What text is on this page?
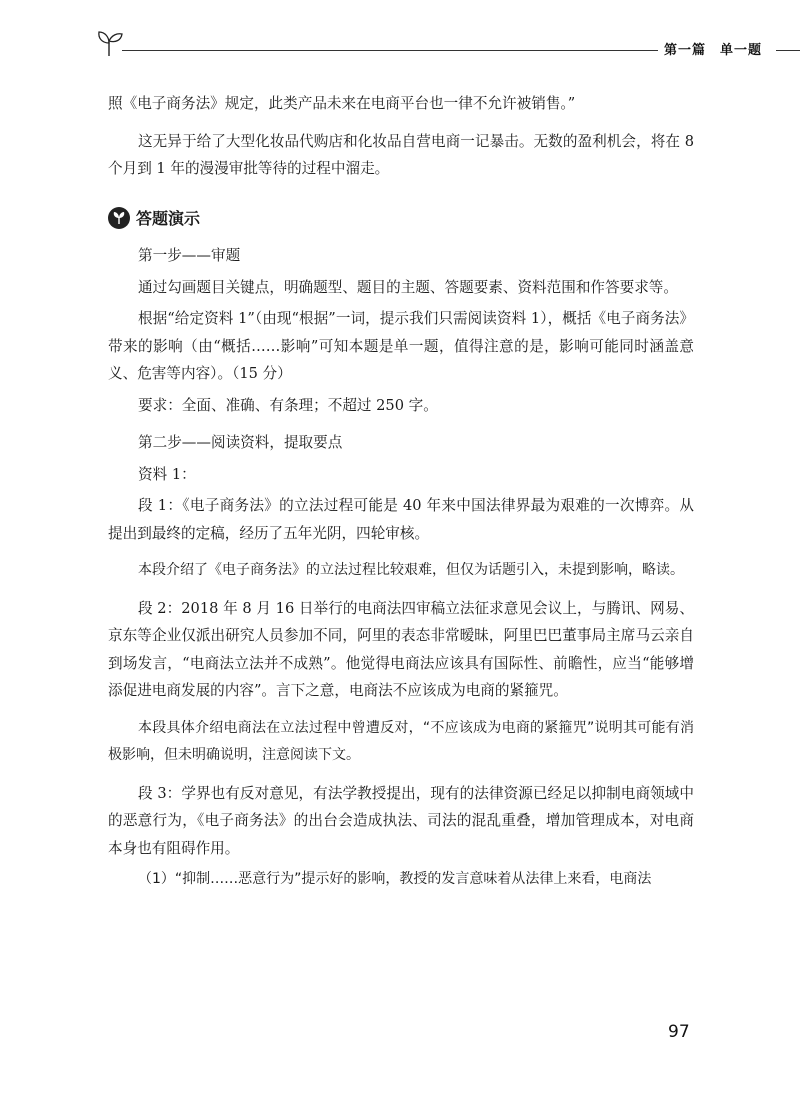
第一篇　单一题

照《电子商务法》规定，此类产品未来在电商平台也一律不允许被销售。”

这无异于给了大型化妆品代购店和化妆品自营电商一记暴击。无数的盈利机会，将在 8 个月到 1 年的漫漫审批等待的过程中溜走。

答题演示

第一步——审题

通过勾画题目关键点，明确题型、题目的主题、答题要素、资料范围和作答要求等。

根据“给定资料 1”（由现“根据”一词，提示我们只需阅读资料 1），概括《电子商务法》带来的影响（由“概括……影响”可知本题是单一题，值得注意的是，影响可能同时涵盖意义、危害等内容）。（15 分）

要求：全面、准确、有条理；不超过 250 字。

第二步——阅读资料，提取要点

资料 1：

段 1：《电子商务法》的立法过程可能是 40 年来中国法律界最为艰难的一次博弈。从提出到最终的定稿，经历了五年光阴，四轮审核。

本段介绍了《电子商务法》的立法过程比较艰难，但仅为话题引入，未提到影响，略读。

段 2：2018 年 8 月 16 日举行的电商法四审稿立法征求意见会议上，与腾讯、网易、京东等企业仅派出研究人员参加不同，阿里的表态非常暧昧，阿里巴巴董事局主席马云亲自到场发言，“电商法立法并不成熟”。他觉得电商法应该具有国际性、前瞻性，应当“能够增添促进电商发展的内容”。言下之意，电商法不应该成为电商的紧箍咒。

本段具体介绍电商法在立法过程中曾遭反对，“不应该成为电商的紧箍咒”说明其可能有消极影响，但未明确说明，注意阅读下文。

段 3：学界也有反对意见，有法学教授提出，现有的法律资源已经足以抑制电商领域中的恶意行为，《电子商务法》的出台会造成执法、司法的混乱重叠，增加管理成本，对电商本身也有阻碍作用。

（1）“抑制……恶意行为”提示好的影响，教授的发言意味着从法律上来看，电商法

97
